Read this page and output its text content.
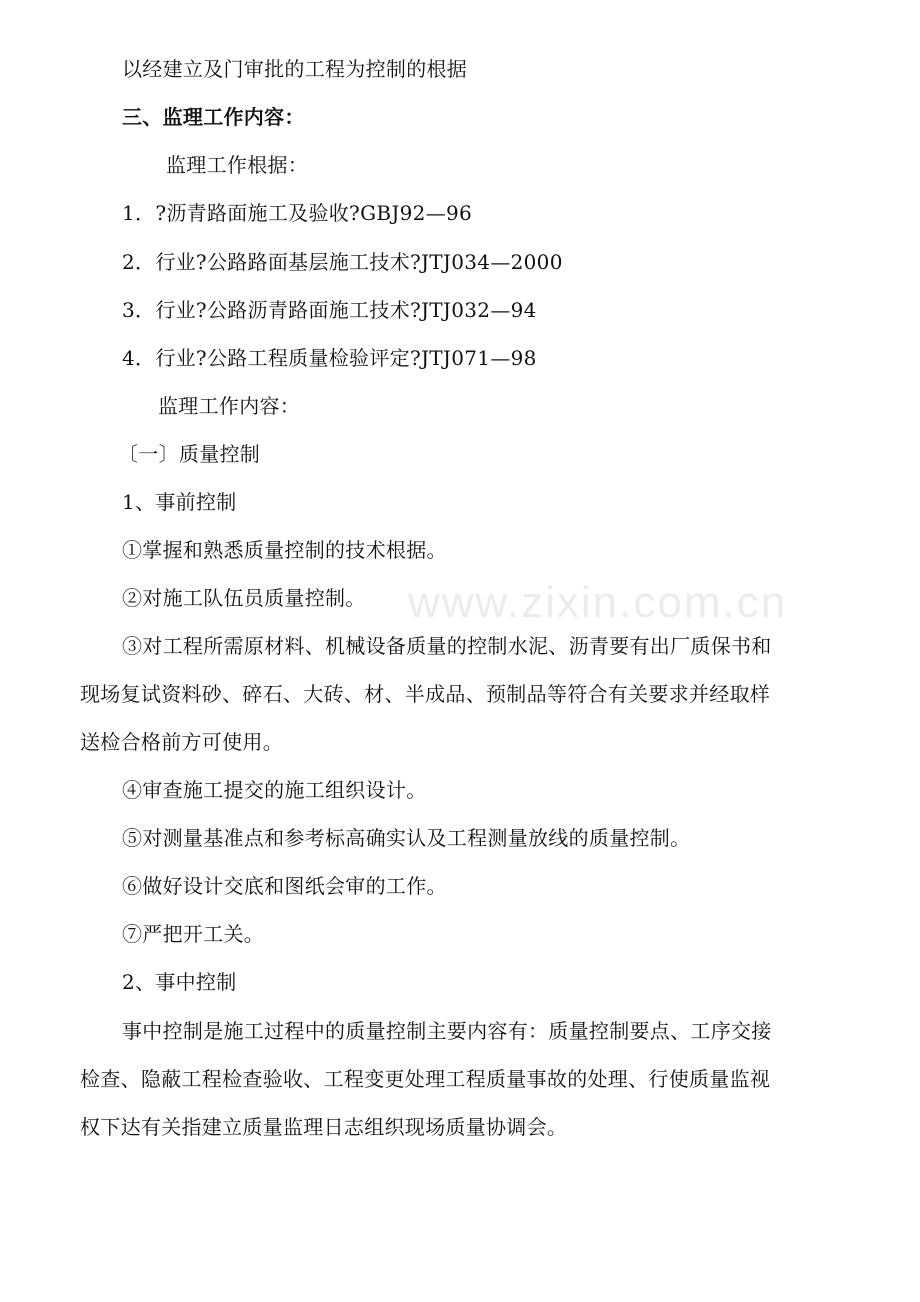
www.zixin.com.cn
以经建立及门审批的工程为控制的根据
三、监理工作内容：
监理工作根据：
1．?沥青路面施工及验收?GBJ92—96
2．行业?公路路面基层施工技术?JTJ034—2000
3．行业?公路沥青路面施工技术?JTJ032—94
4．行业?公路工程质量检验评定?JTJ071—98
监理工作内容：
〔一〕质量控制
1、事前控制
①掌握和熟悉质量控制的技术根据。
②对施工队伍员质量控制。
③对工程所需原材料、机械设备质量的控制水泥、沥青要有出厂质保书和
现场复试资料砂、碎石、大砖、材、半成品、预制品等符合有关要求并经取样
送检合格前方可使用。
④审查施工提交的施工组织设计。
⑤对测量基准点和参考标高确实认及工程测量放线的质量控制。
⑥做好设计交底和图纸会审的工作。
⑦严把开工关。
2、事中控制
事中控制是施工过程中的质量控制主要内容有：质量控制要点、工序交接
检查、隐蔽工程检查验收、工程变更处理工程质量事故的处理、行使质量监视
权下达有关指建立质量监理日志组织现场质量协调会。
